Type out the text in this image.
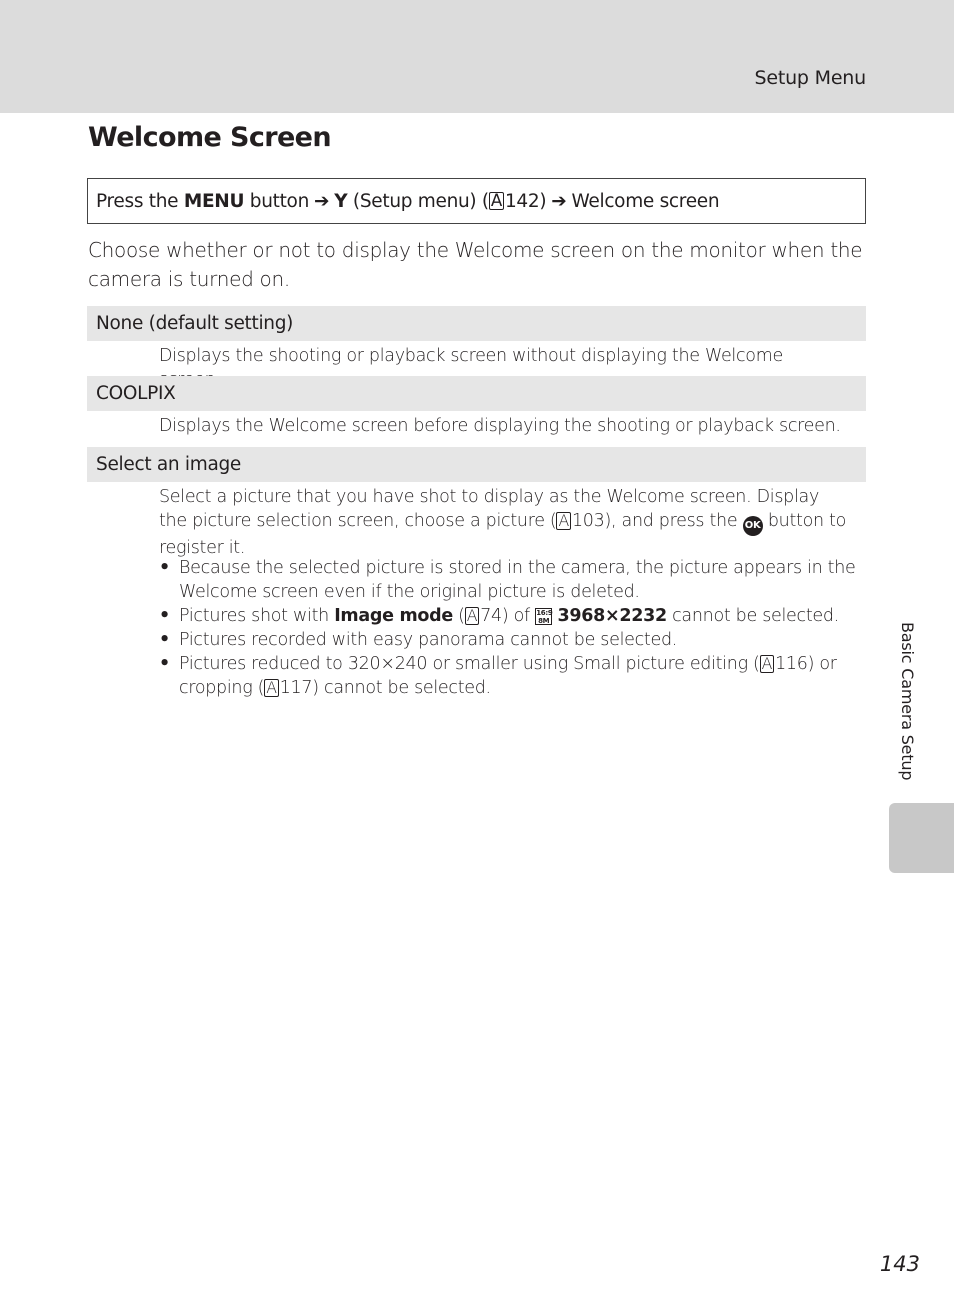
Setup Menu
Welcome Screen
Press the
MENU
button ➔ Y
(Setup menu) ( A 142 ) ➔ Welcome screen

Choose whether or not to display the Welcome screen on the monitor when the camera is turned on.

None (default setting)

Displays the shooting or playback screen without displaying the Welcome

COOLPIX

Displays the Welcome screen before displaying the shooting or playback screen.

Select an image

Select a picture that you have shot to display as the Welcome screen. Display the picture selection screen, choose a picture ( A 103), and press the OK button to register it.

• Because the selected picture is stored in the camera, the picture appears in the Welcome screen even if the original picture is deleted.
• Pictures shot with Image mode ( A 74) of 16:9
8M 3968×2232 cannot be selected.
• Pictures recorded with easy panorama cannot be selected.
• Pictures reduced to 320×240 or smaller using Small picture editing ( A 116) or cropping ( A 117) cannot be selected.	Basic Camera Setup
143
